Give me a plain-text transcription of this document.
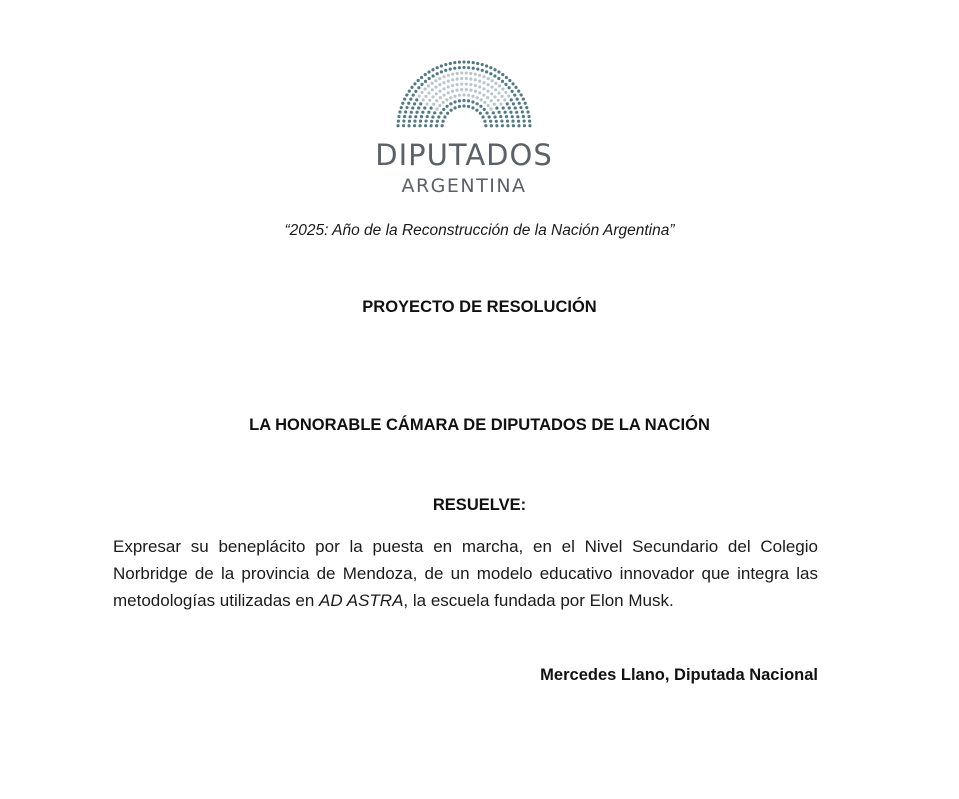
DIPUTADOS
ARGENTINA
“2025: Año de la Reconstrucción de la Nación Argentina”
PROYECTO DE RESOLUCIÓN
LA HONORABLE CÁMARA DE DIPUTADOS DE LA NACIÓN
RESUELVE:
Expresar su beneplácito por la puesta en marcha, en el Nivel Secundario del Colegio Norbridge de la provincia de Mendoza, de un modelo educativo innovador que integra las metodologías utilizadas en AD ASTRA, la escuela fundada por Elon Musk.
Mercedes Llano, Diputada Nacional
